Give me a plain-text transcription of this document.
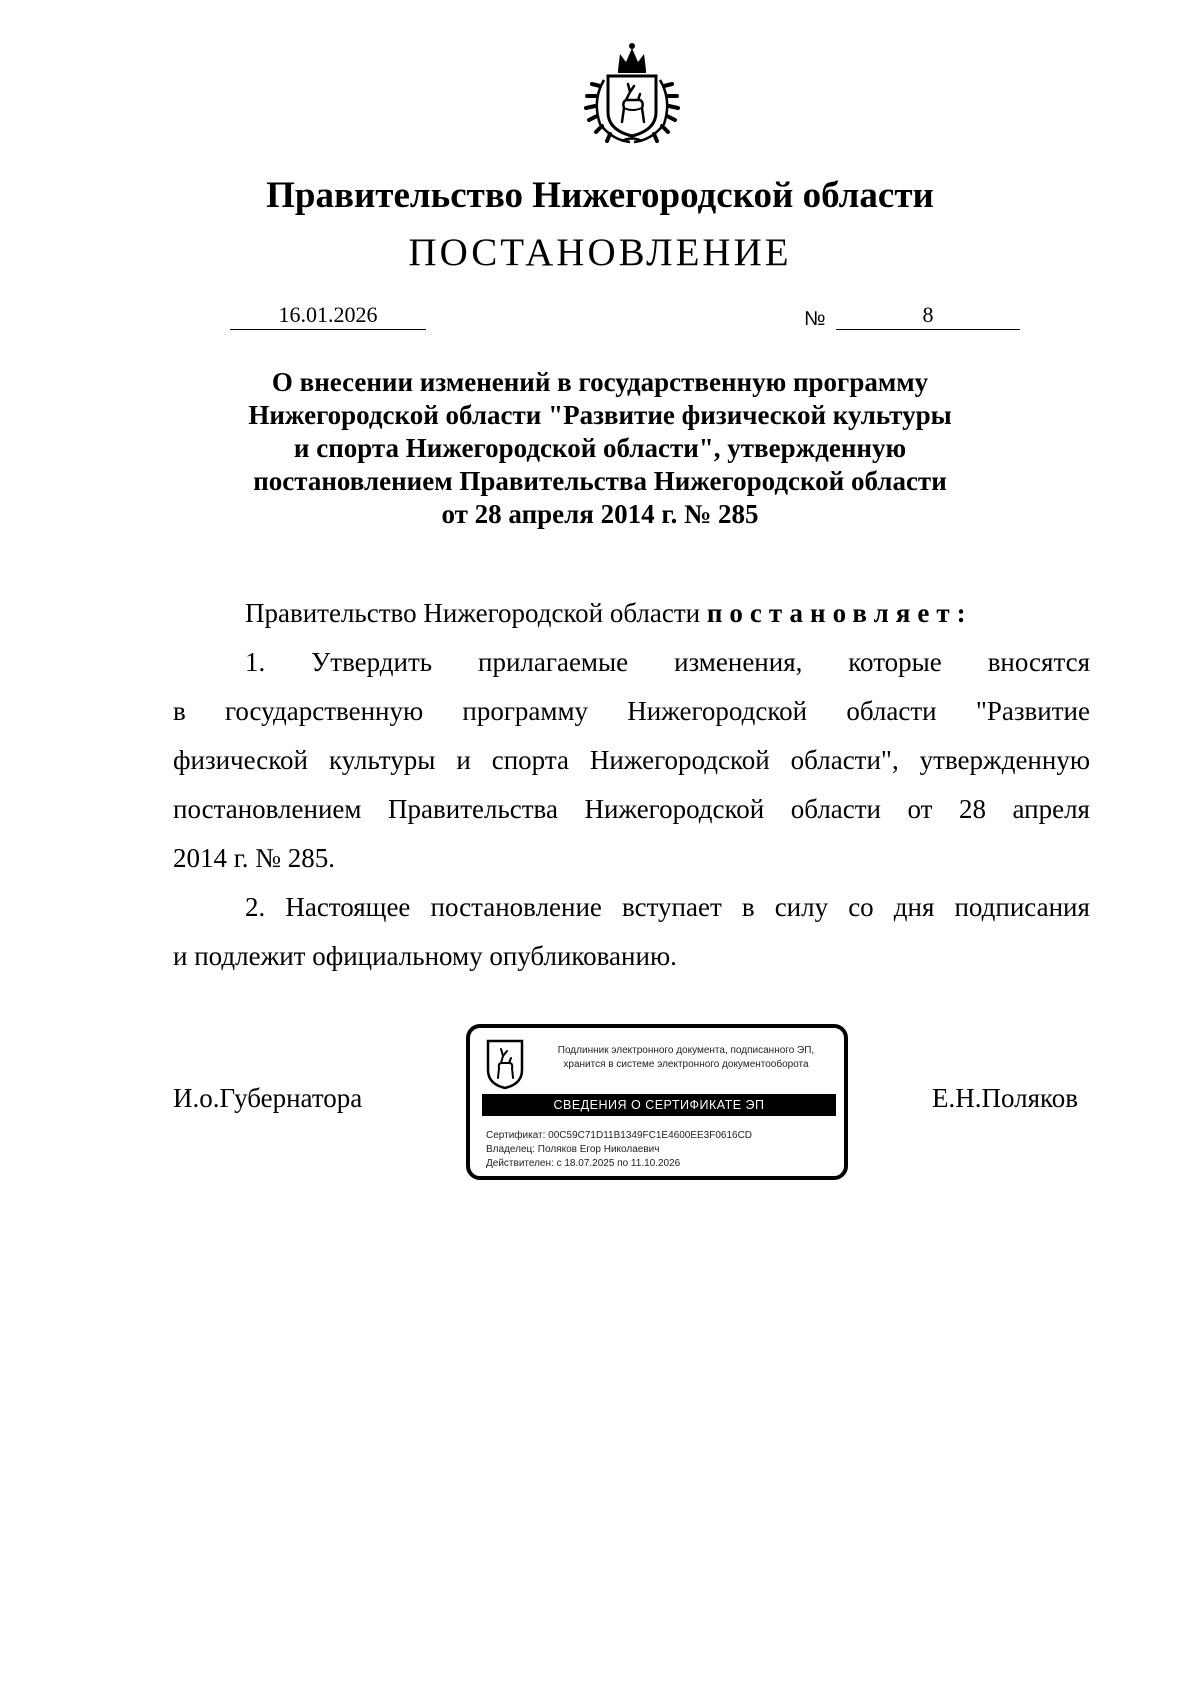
Правительство Нижегородской области
ПОСТАНОВЛЕНИЕ
16.01.2026	№	8
О внесении изменений в государственную программу
Нижегородской области "Развитие физической культуры
и спорта Нижегородской области", утвержденную
постановлением Правительства Нижегородской области
от 28 апреля 2014 г. № 285
Правительство Нижегородской области постановляет:
1. Утвердить прилагаемые изменения, которые вносятся
в государственную программу Нижегородской области "Развитие
физической культуры и спорта Нижегородской области", утвержденную
постановлением Правительства Нижегородской области от 28 апреля
2014 г. № 285.
2. Настоящее постановление вступает в силу со дня подписания
и подлежит официальному опубликованию.
И.о.Губернатора	Е.Н.Поляков
Подлинник электронного документа, подписанного ЭП,
хранится в системе электронного документооборота
СВЕДЕНИЯ О СЕРТИФИКАТЕ ЭП
Сертификат: 00C59C71D11B1349FC1E4600EE3F0616CD
Владелец: Поляков Егор Николаевич
Действителен: с 18.07.2025 по 11.10.2026
